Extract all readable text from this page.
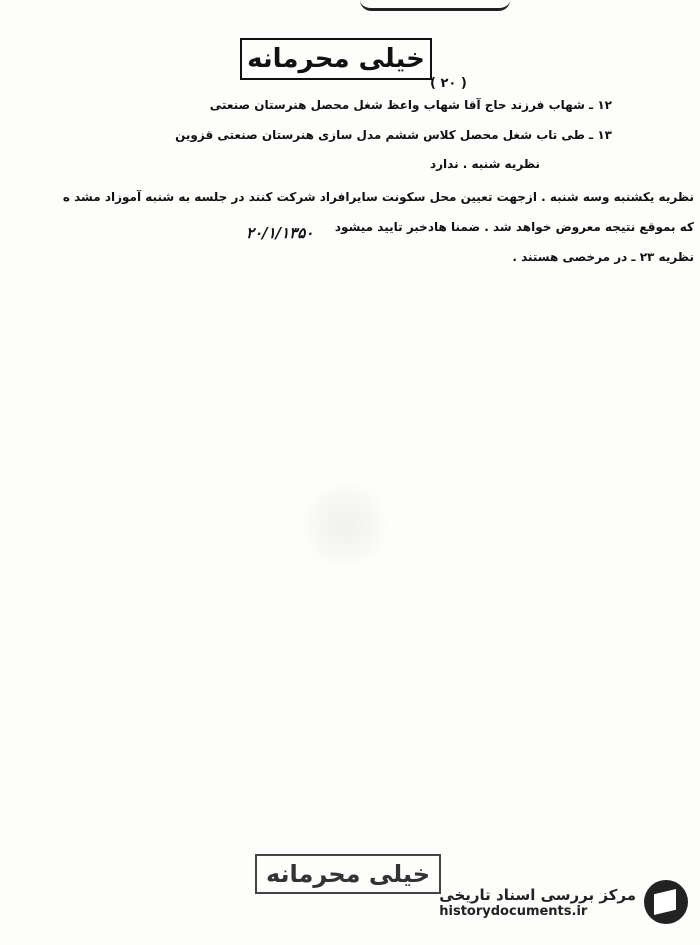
خیلی محرمانه
( ۲۰ )
۱۲ ـ شهاب فرزند حاج آقا شهاب واعظ شغل محصل هنرستان صنعتی
۱۳ ـ طی تاب شغل محصل کلاس ششم مدل سازی هنرستان صنعتی قزوین
نظریه شنبه . ندارد
نظریه یکشنبه وسه شنبه . ازجهت تعیین محل سکونت سایرافراد شرکت کنند در جلسه به شنبه آموزاد مشد ه
که بموقع نتیجه معروض خواهد شد . ضمنا هادخبر تایید میشود
نظریه ۲۳ ـ در مرخصی هستند .
۲۰/۱/۱۳۵۰
خیلی محرمانه
مرکز بررسی اسناد تاریخی
historydocuments.ir
